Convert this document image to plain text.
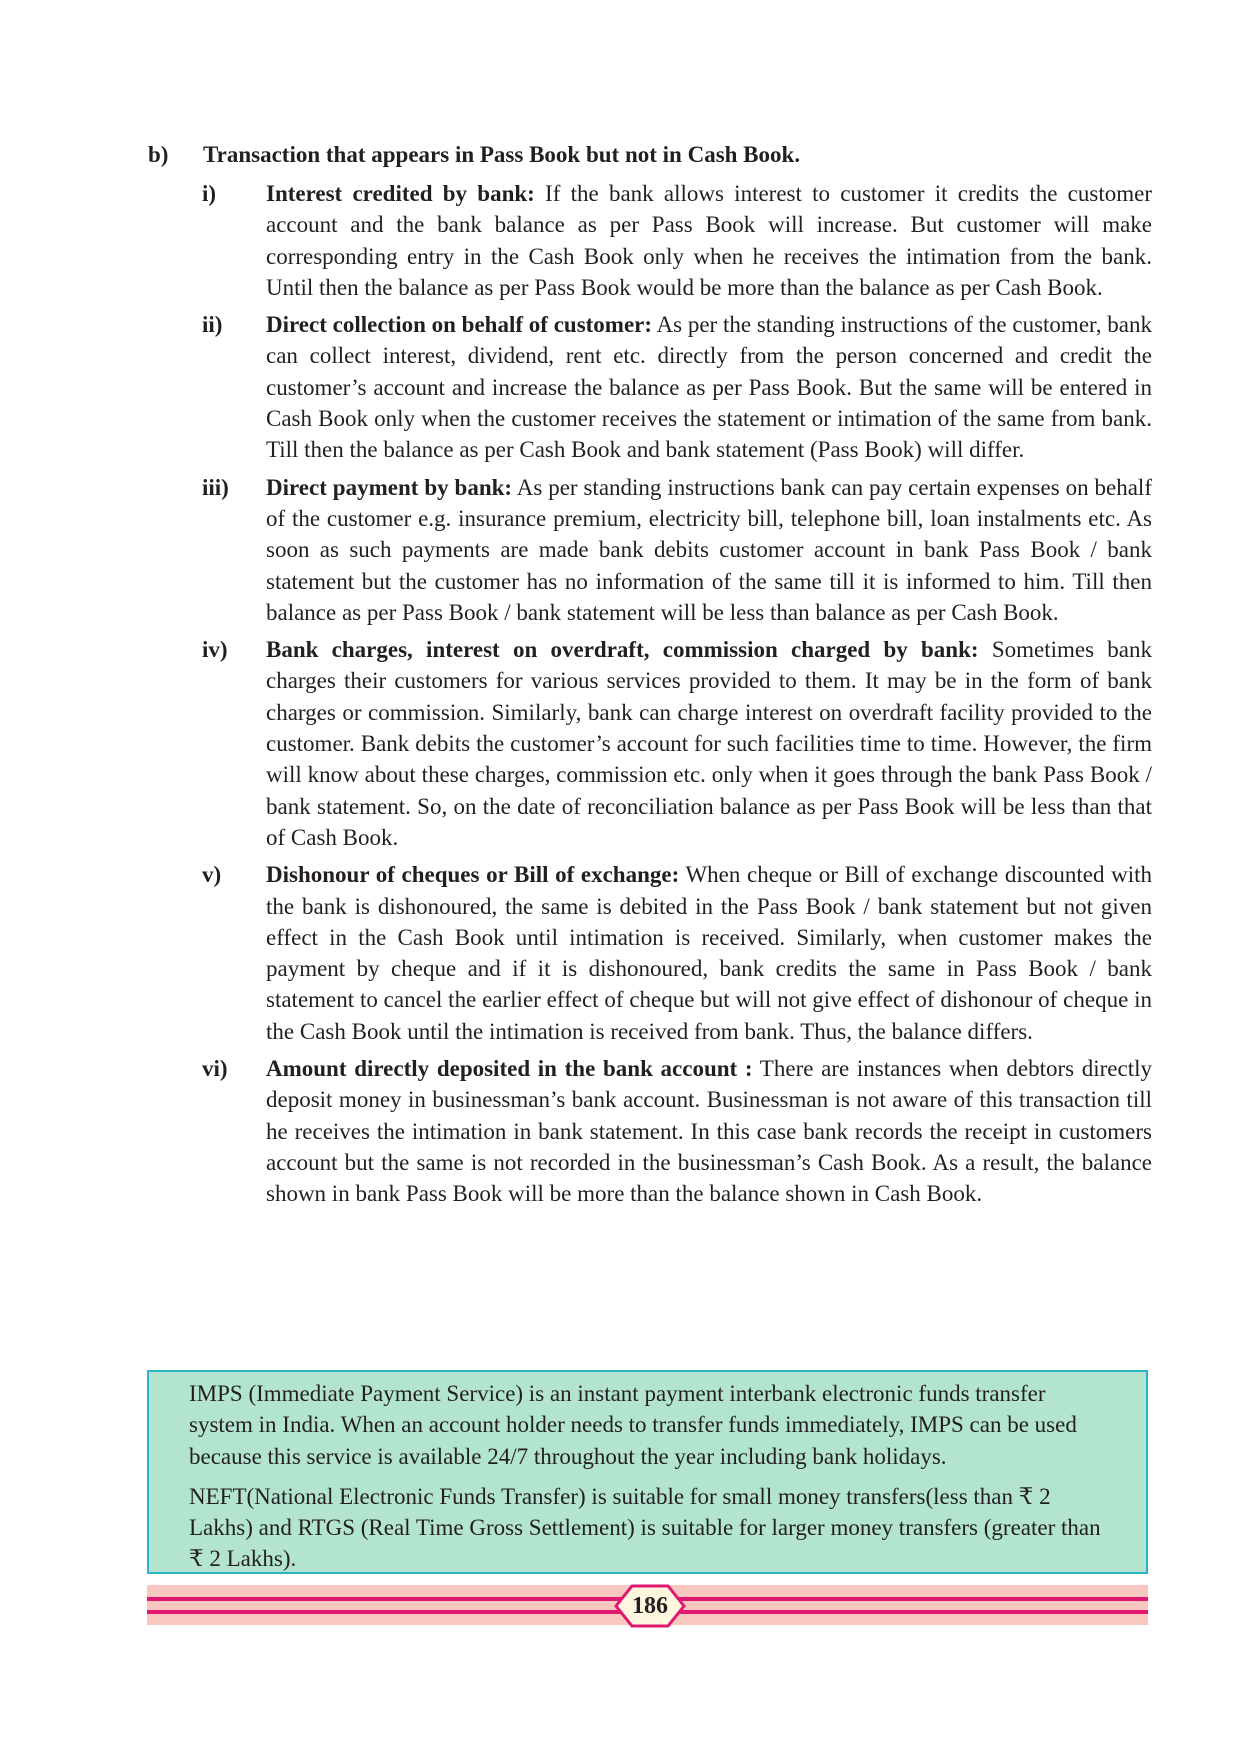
b) Transaction that appears in Pass Book but not in Cash Book.
i) Interest credited by bank: If the bank allows interest to customer it credits the customer account and the bank balance as per Pass Book will increase. But customer will make corresponding entry in the Cash Book only when he receives the intimation from the bank. Until then the balance as per Pass Book would be more than the balance as per Cash Book.
ii) Direct collection on behalf of customer: As per the standing instructions of the customer, bank can collect interest, dividend, rent etc. directly from the person concerned and credit the customer’s account and increase the balance as per Pass Book. But the same will be entered in Cash Book only when the customer receives the statement or intimation of the same from bank. Till then the balance as per Cash Book and bank statement (Pass Book) will differ.
iii) Direct payment by bank: As per standing instructions bank can pay certain expenses on behalf of the customer e.g. insurance premium, electricity bill, telephone bill, loan instalments etc. As soon as such payments are made bank debits customer account in bank Pass Book / bank statement but the customer has no information of the same till it is informed to him. Till then balance as per Pass Book / bank statement will be less than balance as per Cash Book.
iv) Bank charges, interest on overdraft, commission charged by bank: Sometimes bank charges their customers for various services provided to them. It may be in the form of bank charges or commission. Similarly, bank can charge interest on overdraft facility provided to the customer. Bank debits the customer’s account for such facilities time to time. However, the firm will know about these charges, commission etc. only when it goes through the bank Pass Book / bank statement. So, on the date of reconciliation balance as per Pass Book will be less than that of Cash Book.
v) Dishonour of cheques or Bill of exchange: When cheque or Bill of exchange discounted with the bank is dishonoured, the same is debited in the Pass Book / bank statement but not given effect in the Cash Book until intimation is received. Similarly, when customer makes the payment by cheque and if it is dishonoured, bank credits the same in Pass Book / bank statement to cancel the earlier effect of cheque but will not give effect of dishonour of cheque in the Cash Book until the intimation is received from bank. Thus, the balance differs.
vi) Amount directly deposited in the bank account : There are instances when debtors directly deposit money in businessman’s bank account. Businessman is not aware of this transaction till he receives the intimation in bank statement. In this case bank records the receipt in customers account but the same is not recorded in the businessman’s Cash Book. As a result, the balance shown in bank Pass Book will be more than the balance shown in Cash Book.

IMPS (Immediate Payment Service) is an instant payment interbank electronic funds transfer system in India. When an account holder needs to transfer funds immediately, IMPS can be used because this service is available 24/7 throughout the year including bank holidays.

NEFT(National Electronic Funds Transfer) is suitable for small money transfers(less than ₹ 2 Lakhs) and RTGS (Real Time Gross Settlement) is suitable for larger money transfers (greater than ₹ 2 Lakhs).

186
